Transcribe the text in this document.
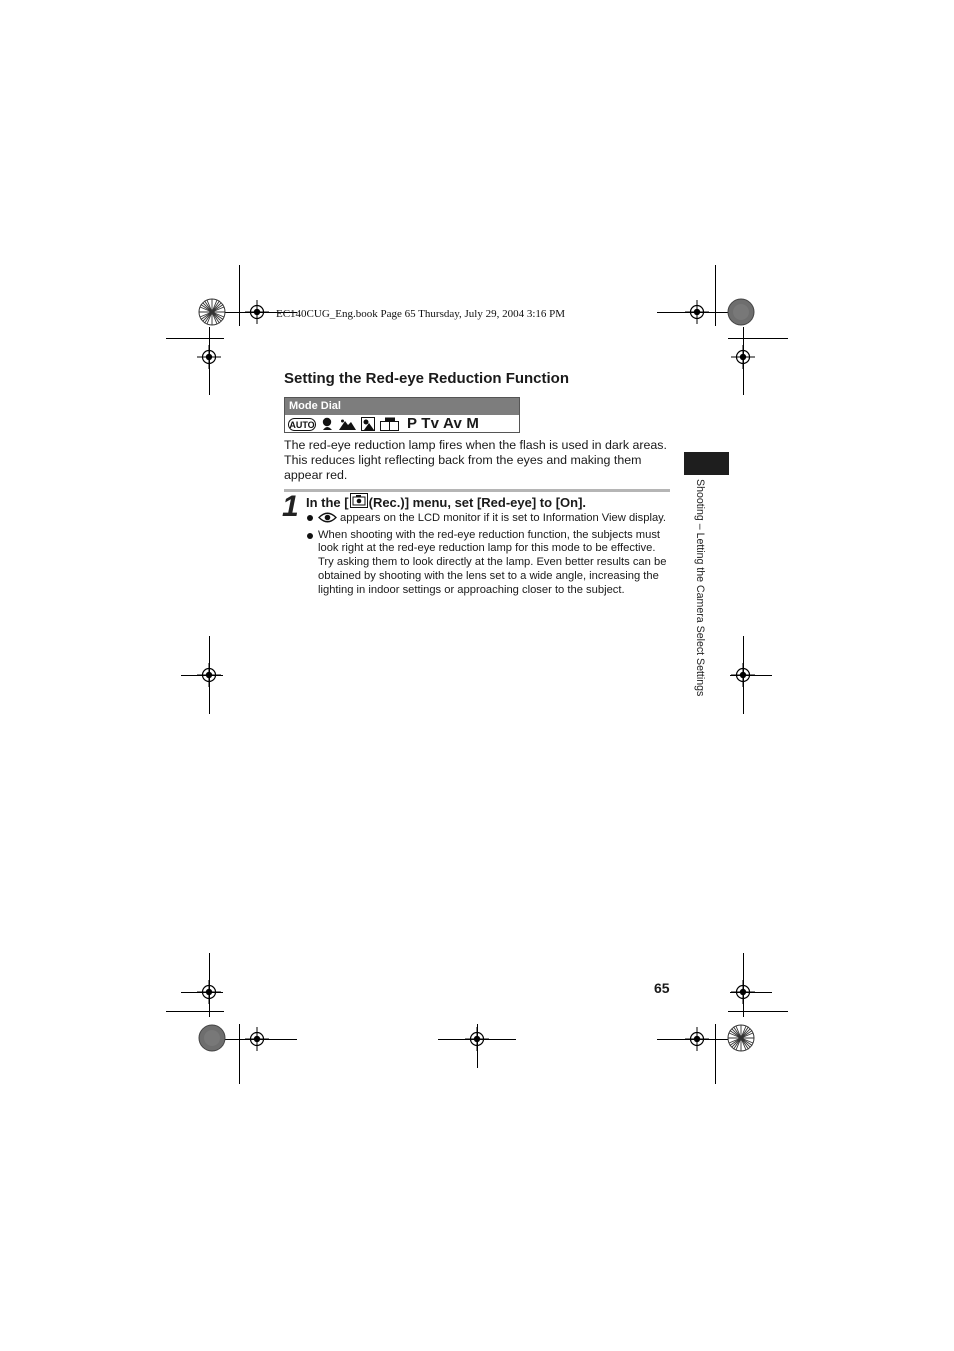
EC140CUG_Eng.book Page 65 Thursday, July 29, 2004 3:16 PM
Setting the Red-eye Reduction Function
Mode Dial
AUTO	P Tv Av M
The red-eye reduction lamp fires when the flash is used in dark areas. This reduces light reflecting back from the eyes and making them appear red.
1 In the [ (Rec.)] menu, set [Red-eye] to [On].
appears on the LCD monitor if it is set to Information View display.
When shooting with the red-eye reduction function, the subjects must look right at the red-eye reduction lamp for this mode to be effective. Try asking them to look directly at the lamp. Even better results can be obtained by shooting with the lens set to a wide angle, increasing the lighting in indoor settings or approaching closer to the subject.	Shooting – Letting the Camera Select Settings
65
